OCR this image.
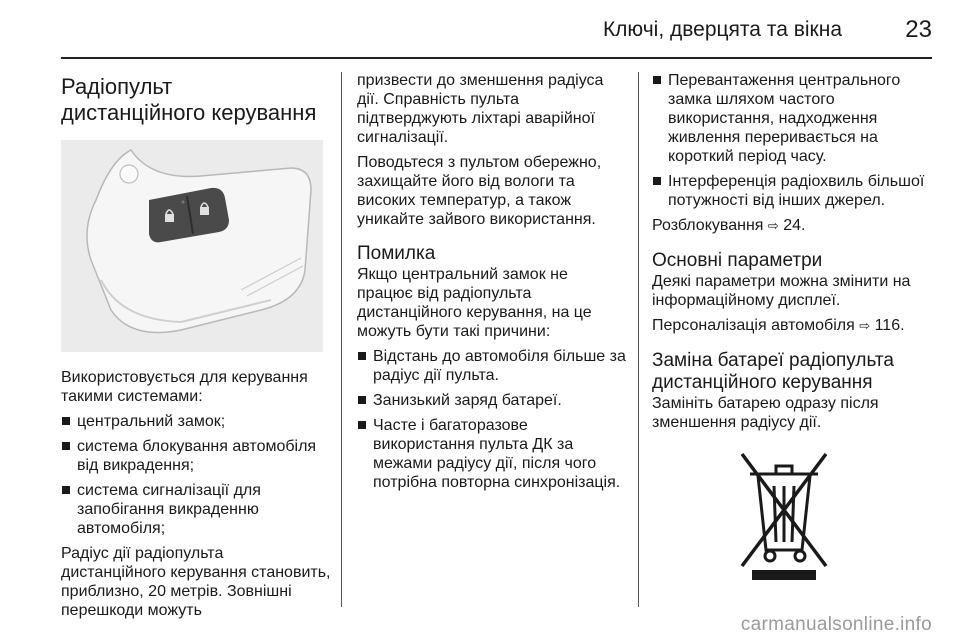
Ключі, дверцята та вікна	23
Радіопульт
дистанційного керування

Використовується для керування такими системами:

центральний замок;
система блокування автомобіля від викрадення;
система сигналізації для запобігання викраденню автомобіля;

Радіус дії радіопульта дистанційного керування становить, приблизно, 20 метрів. Зовнішні перешкоди можуть

призвести до зменшення радіуса дії. Справність пульта підтверджують ліхтарі аварійної сигналізації.

Поводьтеся з пультом обережно, захищайте його від вологи та високих температур, а також уникайте зайвого використання.

Помилка

Якщо центральний замок не працює від радіопульта дистанційного керування, на це можуть бути такі причини:

Відстань до автомобіля більше за радіус дії пульта.
Занизький заряд батареї.
Часте і багаторазове використання пульта ДК за межами радіусу дії, після чого потрібна повторна синхронізація.
Перевантаження центрального замка шляхом частого використання, надходження живлення переривається на короткий період часу.
Інтерференція радіохвиль більшої потужності від інших джерел.

Розблокування ⇨ 24.

Основні параметри

Деякі параметри можна змінити на інформаційному дисплеї.

Персоналізація автомобіля ⇨ 116.

Заміна батареї радіопульта
дистанційного керування

Замініть батарею одразу після зменшення радіусу дії.

carmanualsonline.info
